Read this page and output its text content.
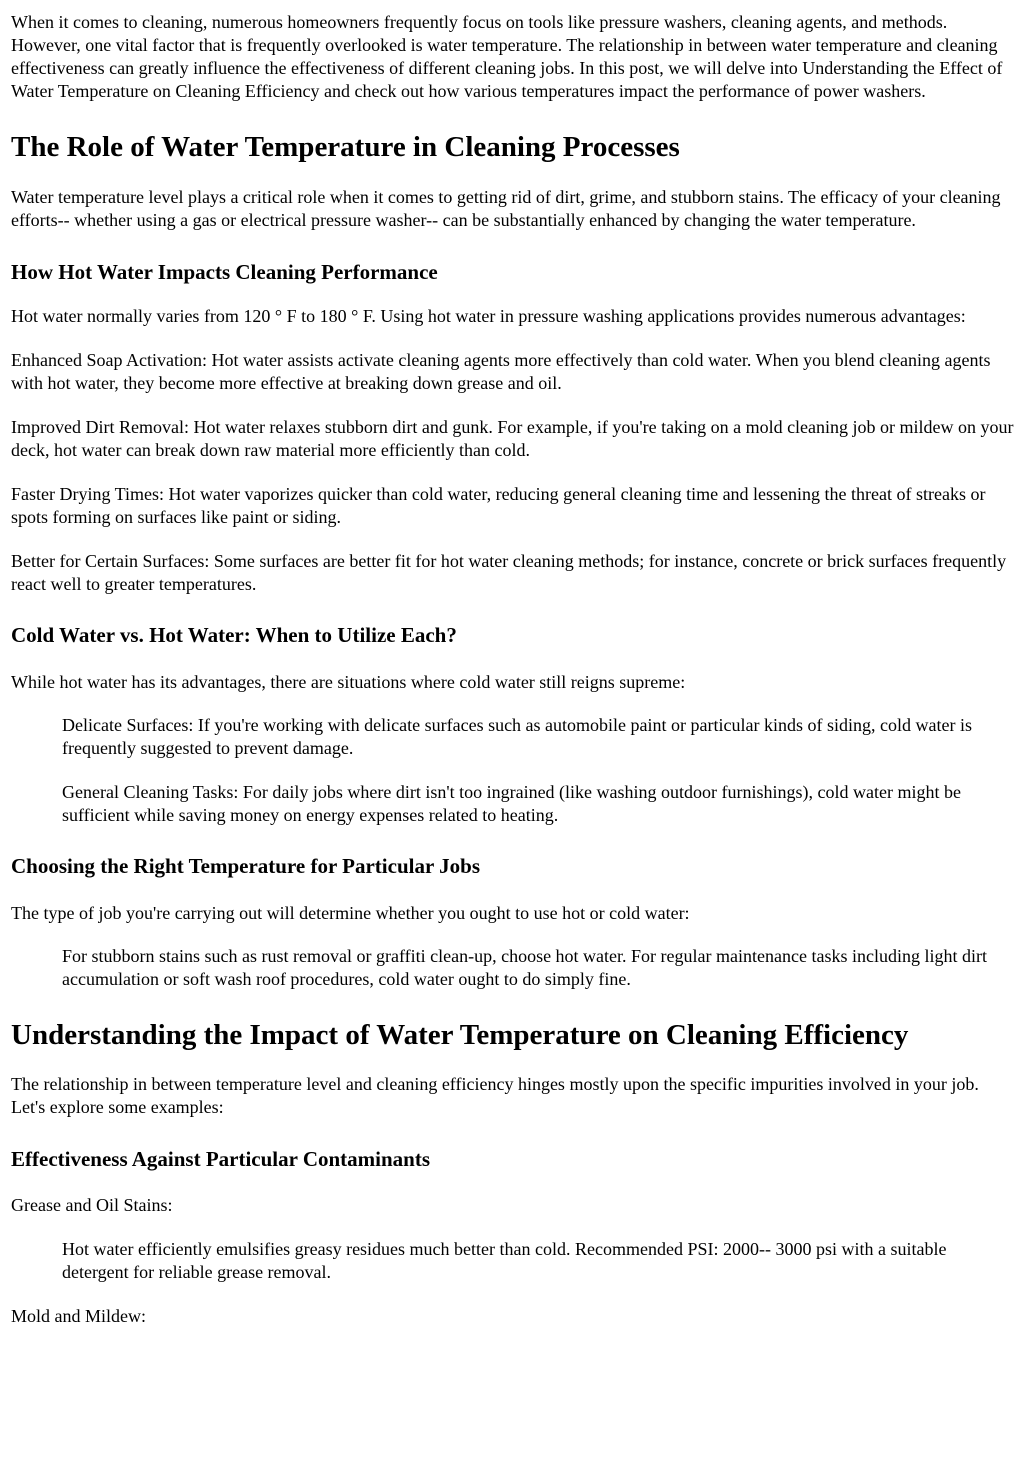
When it comes to cleaning, numerous homeowners frequently focus on tools like pressure washers, cleaning agents, and methods. However, one vital factor that is frequently overlooked is water temperature. The relationship in between water temperature and cleaning effectiveness can greatly influence the effectiveness of different cleaning jobs. In this post, we will delve into Understanding the Effect of Water Temperature on Cleaning Efficiency and check out how various temperatures impact the performance of power washers.

The Role of Water Temperature in Cleaning Processes

Water temperature level plays a critical role when it comes to getting rid of dirt, grime, and stubborn stains. The efficacy of your cleaning efforts-- whether using a gas or electrical pressure washer-- can be substantially enhanced by changing the water temperature.

How Hot Water Impacts Cleaning Performance

Hot water normally varies from 120 ° F to 180 ° F. Using hot water in pressure washing applications provides numerous advantages:

Enhanced Soap Activation: Hot water assists activate cleaning agents more effectively than cold water. When you blend cleaning agents with hot water, they become more effective at breaking down grease and oil.

Improved Dirt Removal: Hot water relaxes stubborn dirt and gunk. For example, if you're taking on a mold cleaning job or mildew on your deck, hot water can break down raw material more efficiently than cold.

Faster Drying Times: Hot water vaporizes quicker than cold water, reducing general cleaning time and lessening the threat of streaks or spots forming on surfaces like paint or siding.

Better for Certain Surfaces: Some surfaces are better fit for hot water cleaning methods; for instance, concrete or brick surfaces frequently react well to greater temperatures.

Cold Water vs. Hot Water: When to Utilize Each?

While hot water has its advantages, there are situations where cold water still reigns supreme:

Delicate Surfaces: If you're working with delicate surfaces such as automobile paint or particular kinds of siding, cold water is frequently suggested to prevent damage.

General Cleaning Tasks: For daily jobs where dirt isn't too ingrained (like washing outdoor furnishings), cold water might be sufficient while saving money on energy expenses related to heating.

Choosing the Right Temperature for Particular Jobs

The type of job you're carrying out will determine whether you ought to use hot or cold water:

For stubborn stains such as rust removal or graffiti clean-up, choose hot water. For regular maintenance tasks including light dirt accumulation or soft wash roof procedures, cold water ought to do simply fine.

Understanding the Impact of Water Temperature on Cleaning Efficiency

The relationship in between temperature level and cleaning efficiency hinges mostly upon the specific impurities involved in your job. Let's explore some examples:

Effectiveness Against Particular Contaminants

Grease and Oil Stains:

Hot water efficiently emulsifies greasy residues much better than cold. Recommended PSI: 2000-- 3000 psi with a suitable detergent for reliable grease removal.

Mold and Mildew:
